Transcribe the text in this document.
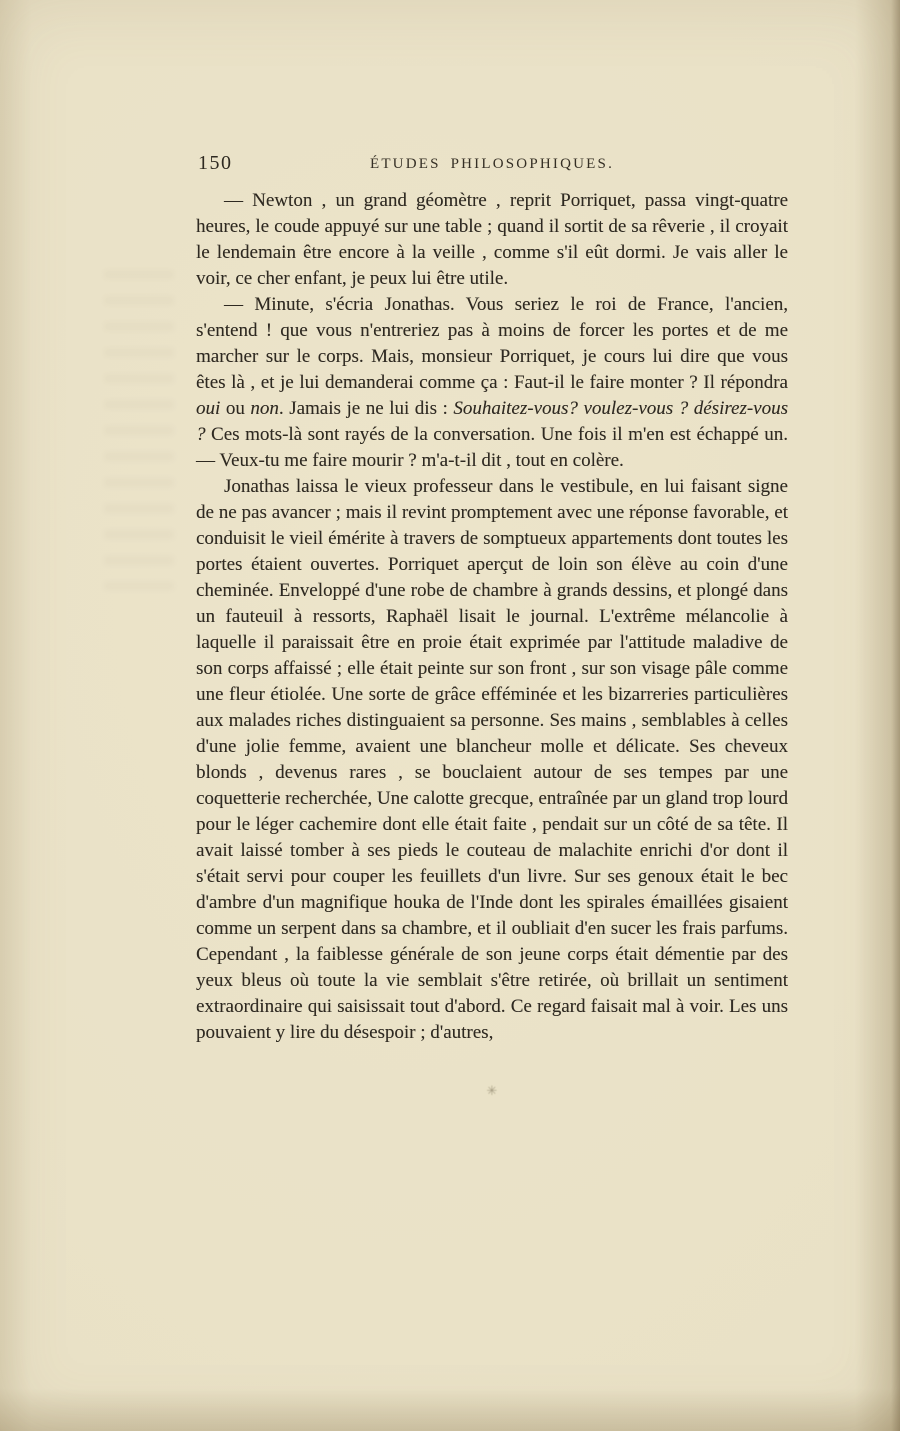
150	ÉTUDES PHILOSOPHIQUES.

— Newton , un grand géomètre , reprit Porriquet, passa vingt-quatre heures, le coude appuyé sur une table ; quand il sortit de sa rêverie , il croyait le lendemain être encore à la veille , comme s'il eût dormi. Je vais aller le voir, ce cher enfant, je peux lui être utile.

— Minute, s'écria Jonathas. Vous seriez le roi de France, l'ancien, s'entend ! que vous n'entreriez pas à moins de forcer les portes et de me marcher sur le corps. Mais, monsieur Porriquet, je cours lui dire que vous êtes là , et je lui demanderai comme ça : Faut-il le faire monter ? Il répondra oui ou non. Jamais je ne lui dis : Souhaitez-vous? voulez-vous ? désirez-vous ? Ces mots-là sont rayés de la conversation. Une fois il m'en est échappé un. — Veux-tu me faire mourir ? m'a-t-il dit , tout en colère.

Jonathas laissa le vieux professeur dans le vestibule, en lui faisant signe de ne pas avancer ; mais il revint promptement avec une réponse favorable, et conduisit le vieil émérite à travers de somptueux appartements dont toutes les portes étaient ouvertes. Porriquet aperçut de loin son élève au coin d'une cheminée. Enveloppé d'une robe de chambre à grands dessins, et plongé dans un fauteuil à ressorts, Raphaël lisait le journal. L'extrême mélancolie à laquelle il paraissait être en proie était exprimée par l'attitude maladive de son corps affaissé ; elle était peinte sur son front , sur son visage pâle comme une fleur étiolée. Une sorte de grâce efféminée et les bizarreries particulières aux malades riches distinguaient sa personne. Ses mains , semblables à celles d'une jolie femme, avaient une blancheur molle et délicate. Ses cheveux blonds , devenus rares , se bouclaient autour de ses tempes par une coquetterie recherchée, Une calotte grecque, entraînée par un gland trop lourd pour le léger cachemire dont elle était faite , pendait sur un côté de sa tête. Il avait laissé tomber à ses pieds le couteau de malachite enrichi d'or dont il s'était servi pour couper les feuillets d'un livre. Sur ses genoux était le bec d'ambre d'un magnifique houka de l'Inde dont les spirales émaillées gisaient comme un serpent dans sa chambre, et il oubliait d'en sucer les frais parfums. Cependant , la faiblesse générale de son jeune corps était démentie par des yeux bleus où toute la vie semblait s'être retirée, où brillait un sentiment extraordinaire qui saisissait tout d'abord. Ce regard faisait mal à voir. Les uns pouvaient y lire du désespoir ; d'autres,

✳
